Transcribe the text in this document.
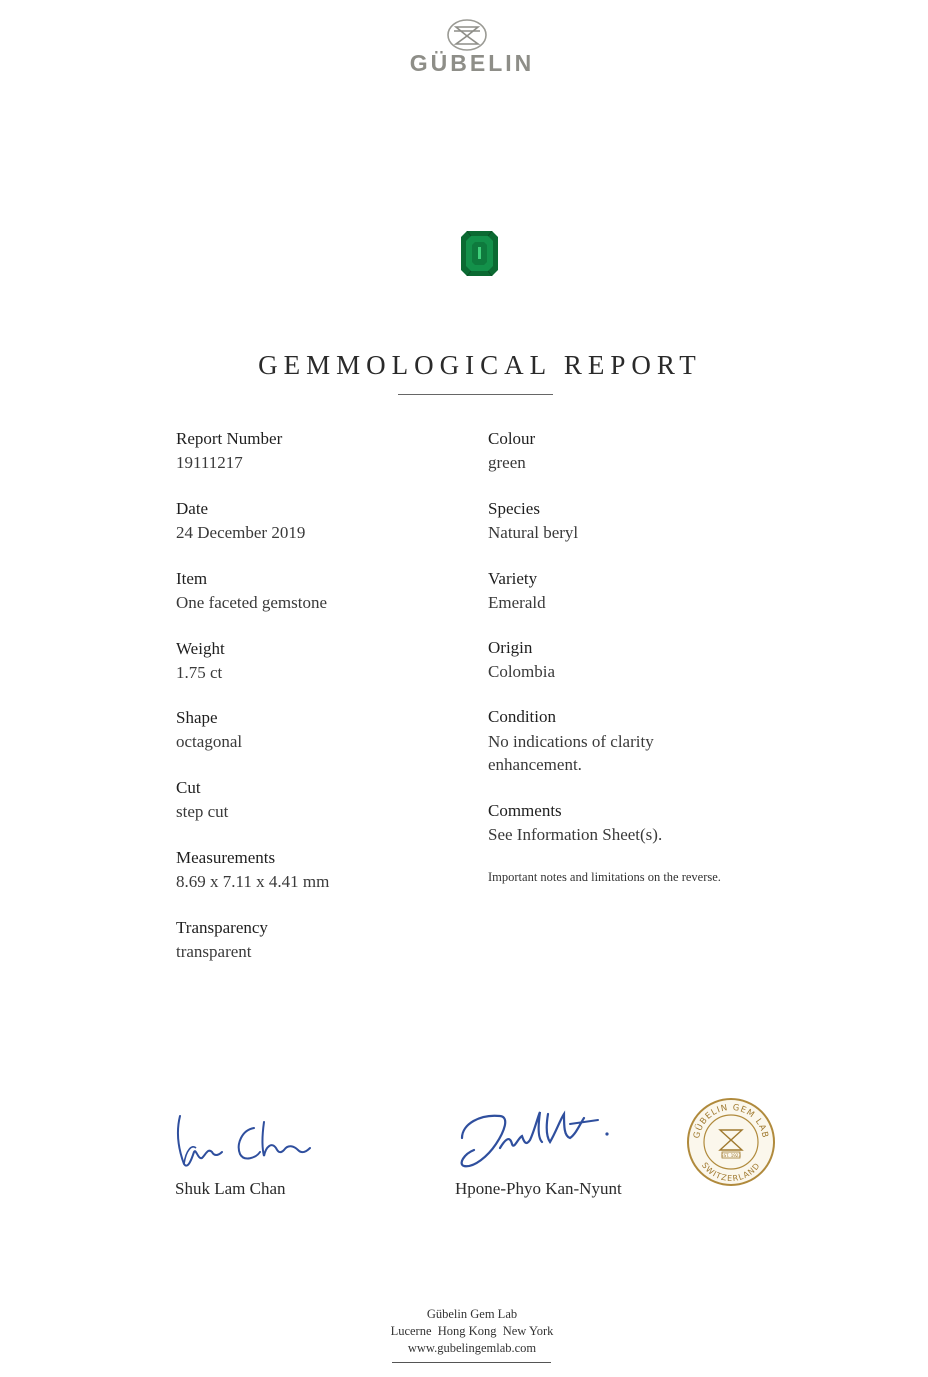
GÜBELIN
GEMMOLOGICAL REPORT
Report Number
19111217
Date
24 December 2019
Item
One faceted gemstone
Weight
1.75 ct
Shape
octagonal
Cut
step cut
Measurements
8.69 x 7.11 x 4.41 mm
Transparency
transparent
Colour
green
Species
Natural beryl
Variety
Emerald
Origin
Colombia
Condition
No indications of clarity
enhancement.
Comments
See Information Sheet(s).
Important notes and limitations on the reverse.
Shuk Lam Chan	Hpone-Phyo Kan-Nyunt
GÜBELIN GEM LAB
SWITZERLAND
EST. 1923
Gübelin Gem Lab
Lucerne  Hong Kong  New York
www.gubelingemlab.com
